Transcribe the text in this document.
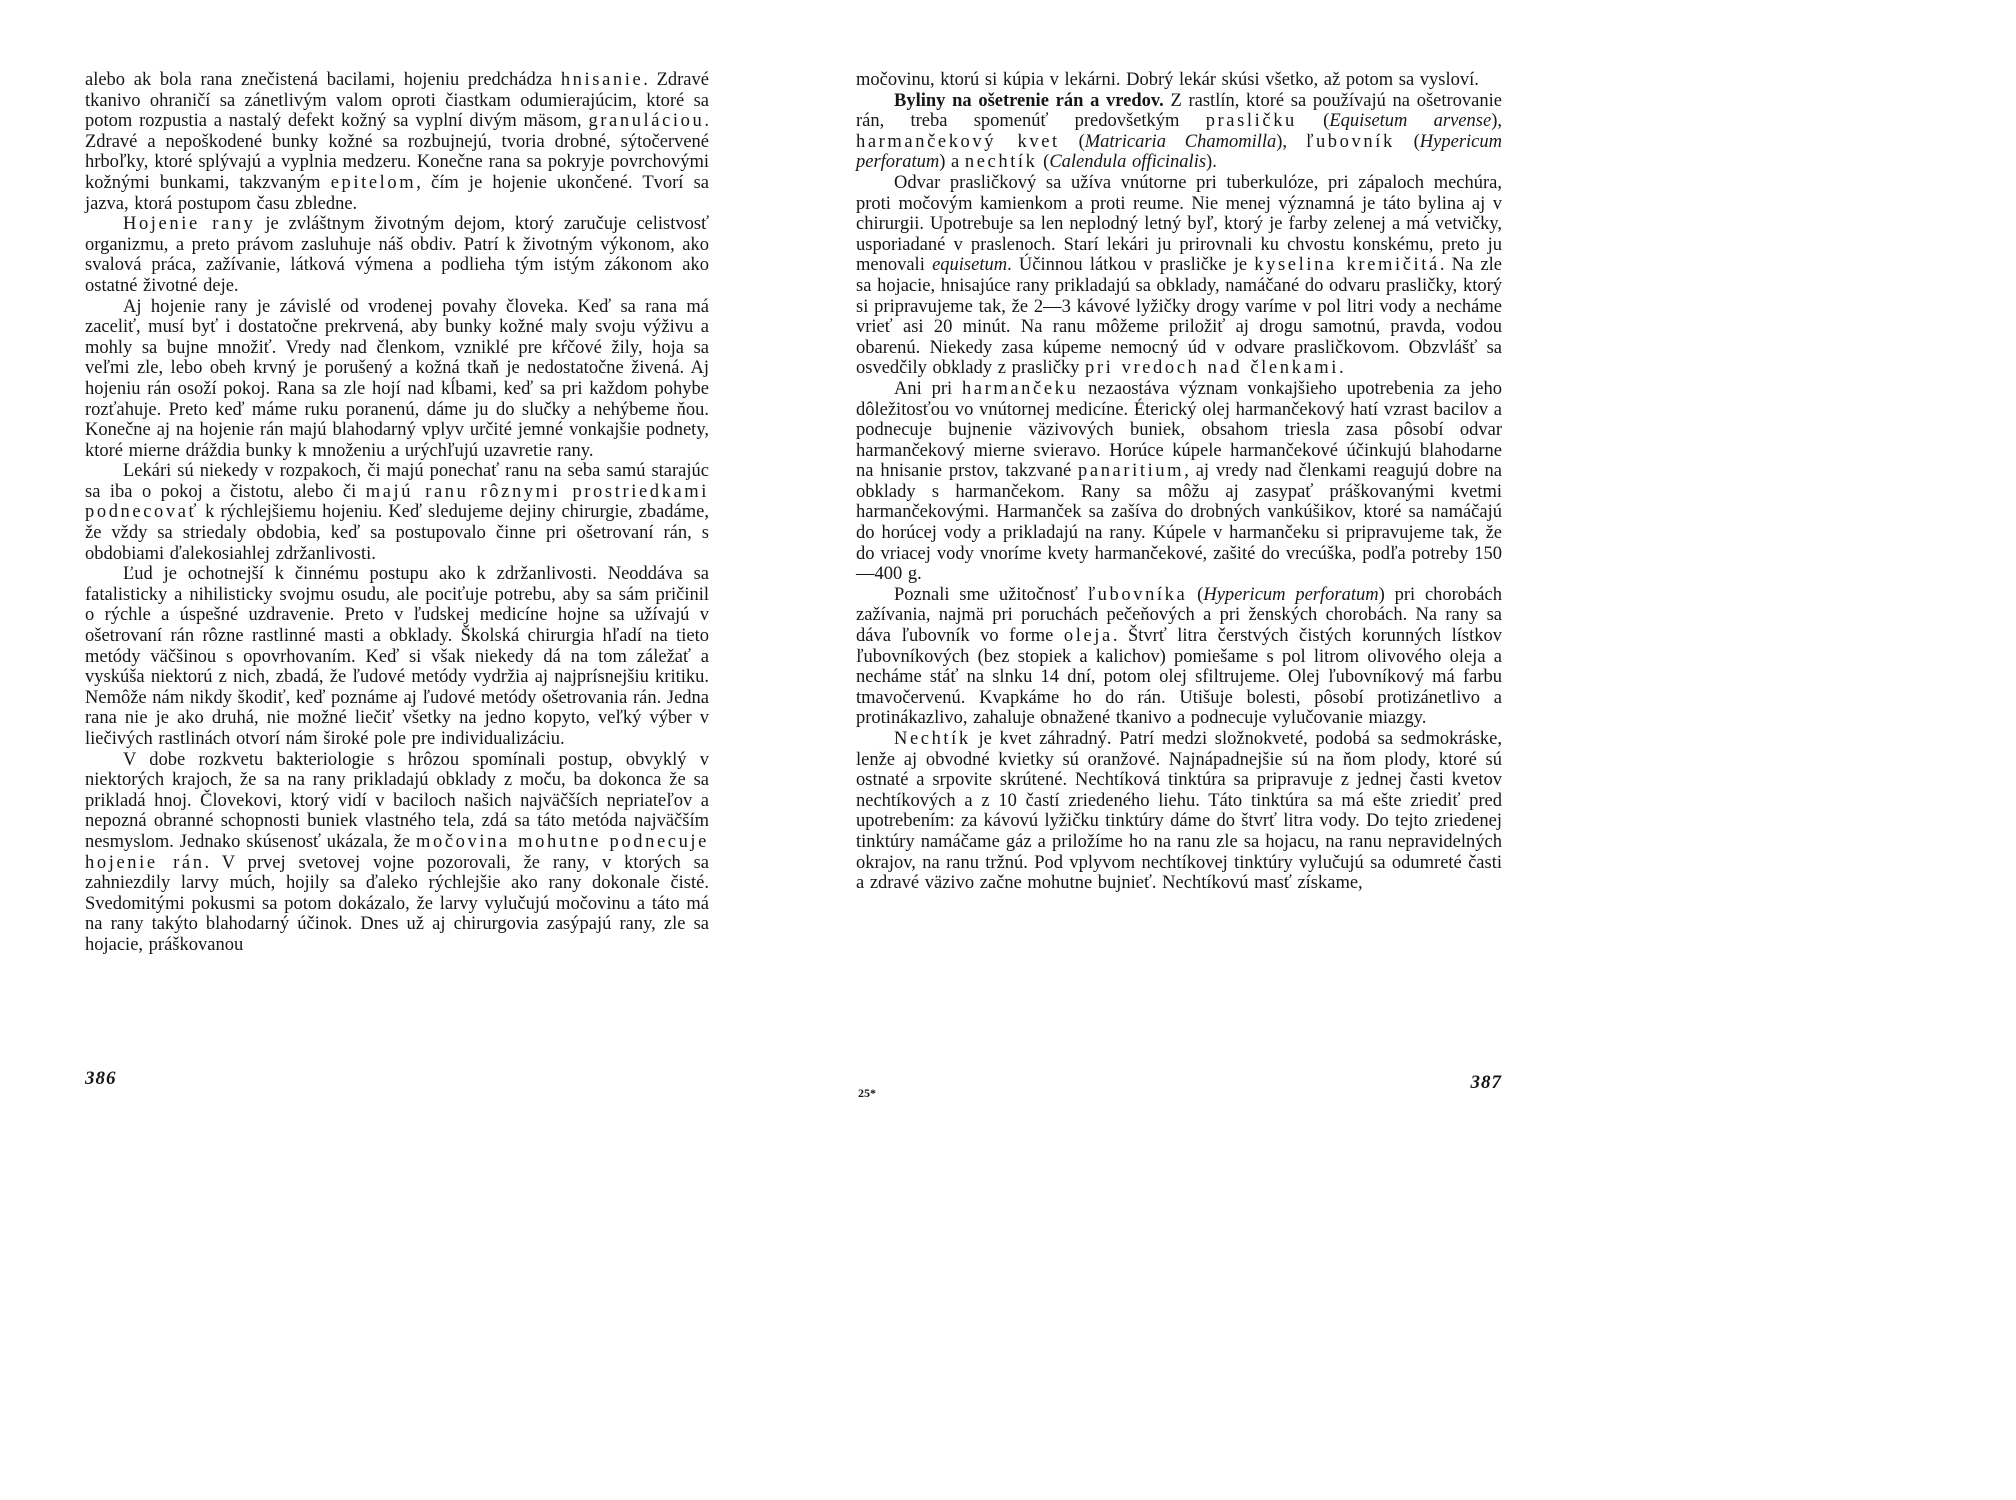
alebo ak bola rana znečistená bacilami, hojeniu predchádza hnisanie. Zdravé tkanivo ohraničí sa zánetlivým valom oproti čiastkam odumierajúcim, ktoré sa potom rozpustia a nastalý defekt kožný sa vyplní divým mäsom, granuláciou. Zdravé a nepoškodené bunky kožné sa rozbujnejú, tvoria drobné, sýtočervené hrboľky, ktoré splývajú a vyplnia medzeru. Konečne rana sa pokryje povrchovými kožnými bunkami, takzvaným epitelom, čím je hojenie ukončené. Tvorí sa jazva, ktorá postupom času zbledne.

Hojenie rany je zvláštnym životným dejom, ktorý zaručuje celistvosť organizmu, a preto právom zasluhuje náš obdiv. Patrí k životným výkonom, ako svalová práca, zažívanie, látková výmena a podlieha tým istým zákonom ako ostatné životné deje.

Aj hojenie rany je závislé od vrodenej povahy človeka. Keď sa rana má zaceliť, musí byť i dostatočne prekrvená, aby bunky kožné maly svoju výživu a mohly sa bujne množiť. Vredy nad členkom, vzniklé pre kŕčové žily, hoja sa veľmi zle, lebo obeh krvný je porušený a kožná tkaň je nedostatočne živená. Aj hojeniu rán osoží pokoj. Rana sa zle hojí nad kĺbami, keď sa pri každom pohybe rozťahuje. Preto keď máme ruku poranenú, dáme ju do slučky a nehýbeme ňou. Konečne aj na hojenie rán majú blahodarný vplyv určité jemné vonkajšie podnety, ktoré mierne dráždia bunky k množeniu a urýchľujú uzavretie rany.

Lekári sú niekedy v rozpakoch, či majú ponechať ranu na seba samú starajúc sa iba o pokoj a čistotu, alebo či majú ranu rôznymi prostriedkami podnecovať k rýchlejšiemu hojeniu. Keď sledujeme dejiny chirurgie, zbadáme, že vždy sa striedaly obdobia, keď sa postupovalo činne pri ošetrovaní rán, s obdobiami ďalekosiahlej zdržanlivosti.

Ľud je ochotnejší k činnému postupu ako k zdržanlivosti. Neoddáva sa fatalisticky a nihilisticky svojmu osudu, ale pociťuje potrebu, aby sa sám pričinil o rýchle a úspešné uzdravenie. Preto v ľudskej medicíne hojne sa užívajú v ošetrovaní rán rôzne rastlinné masti a obklady. Školská chirurgia hľadí na tieto metódy väčšinou s opovrhovaním. Keď si však niekedy dá na tom záležať a vyskúša niektorú z nich, zbadá, že ľudové metódy vydržia aj najprísnejšiu kritiku. Nemôže nám nikdy škodiť, keď poznáme aj ľudové metódy ošetrovania rán. Jedna rana nie je ako druhá, nie možné liečiť všetky na jedno kopyto, veľký výber v liečivých rastlinách otvorí nám široké pole pre individualizáciu.

V dobe rozkvetu bakteriologie s hrôzou spomínali postup, obvyklý v niektorých krajoch, že sa na rany prikladajú obklady z moču, ba dokonca že sa prikladá hnoj. Človekovi, ktorý vidí v baciloch našich najväčších nepriateľov a nepozná obranné schopnosti buniek vlastného tela, zdá sa táto metóda najväčším nesmyslom. Jednako skúsenosť ukázala, že močovina mohutne podnecuje hojenie rán. V prvej svetovej vojne pozorovali, že rany, v ktorých sa zahniezdily larvy múch, hojily sa ďaleko rýchlejšie ako rany dokonale čisté. Svedomitými pokusmi sa potom dokázalo, že larvy vylučujú močovinu a táto má na rany takýto blahodarný účinok. Dnes už aj chirurgovia zasýpajú rany, zle sa hojacie, práškovanou

močovinu, ktorú si kúpia v lekárni. Dobrý lekár skúsi všetko, až potom sa vysloví.

Byliny na ošetrenie rán a vredov. Z rastlín, ktoré sa používajú na ošetrovanie rán, treba spomenúť predovšetkým prasličku (Equisetum arvense), harmančekový kvet (Matricaria Chamomilla), ľubovník (Hypericum perforatum) a nechtík (Calendula officinalis).

Odvar prasličkový sa užíva vnútorne pri tuberkulóze, pri zápaloch mechúra, proti močovým kamienkom a proti reume. Nie menej významná je táto bylina aj v chirurgii. Upotrebuje sa len neplodný letný byľ, ktorý je farby zelenej a má vetvičky, usporiadané v praslenoch. Starí lekári ju prirovnali ku chvostu konskému, preto ju menovali equisetum. Účinnou látkou v prasličke je kyselina kremičitá. Na zle sa hojacie, hnisajúce rany prikladajú sa obklady, namáčané do odvaru prasličky, ktorý si pripravujeme tak, že 2—3 kávové lyžičky drogy varíme v pol litri vody a necháme vrieť asi 20 minút. Na ranu môžeme priložiť aj drogu samotnú, pravda, vodou obarenú. Niekedy zasa kúpeme nemocný úd v odvare prasličkovom. Obzvlášť sa osvedčily obklady z prasličky pri vredoch nad členkami.

Ani pri harmančeku nezaostáva význam vonkajšieho upotrebenia za jeho dôležitosťou vo vnútornej medicíne. Éterický olej harmančekový hatí vzrast bacilov a podnecuje bujnenie väzivových buniek, obsahom triesla zasa pôsobí odvar harmančekový mierne svieravo. Horúce kúpele harmančekové účinkujú blahodarne na hnisanie prstov, takzvané panaritium, aj vredy nad členkami reagujú dobre na obklady s harmančekom. Rany sa môžu aj zasypať práškovanými kvetmi harmančekovými. Harmanček sa zašíva do drobných vankúšikov, ktoré sa namáčajú do horúcej vody a prikladajú na rany. Kúpele v harmančeku si pripravujeme tak, že do vriacej vody vnoríme kvety harmančekové, zašité do vrecúška, podľa potreby 150—400 g.

Poznali sme užitočnosť ľubovníka (Hypericum perforatum) pri chorobách zažívania, najmä pri poruchách pečeňových a pri ženských chorobách. Na rany sa dáva ľubovník vo forme oleja. Štvrť litra čerstvých čistých korunných lístkov ľubovníkových (bez stopiek a kalichov) pomiešame s pol litrom olivového oleja a necháme stáť na slnku 14 dní, potom olej sfiltrujeme. Olej ľubovníkový má farbu tmavočervenú. Kvapkáme ho do rán. Utišuje bolesti, pôsobí protizánetlivo a protinákazlivo, zahaluje obnažené tkanivo a podnecuje vylučovanie miazgy.

Nechtík je kvet záhradný. Patrí medzi složnokveté, podobá sa sedmokráske, lenže aj obvodné kvietky sú oranžové. Najnápadnejšie sú na ňom plody, ktoré sú ostnaté a srpovite skrútené. Nechtíková tinktúra sa pripravuje z jednej časti kvetov nechtíkových a z 10 častí zriedeného liehu. Táto tinktúra sa má ešte zriediť pred upotrebením: za kávovú lyžičku tinktúry dáme do štvrť litra vody. Do tejto zriedenej tinktúry namáčame gáz a priložíme ho na ranu zle sa hojacu, na ranu nepravidelných okrajov, na ranu tržnú. Pod vplyvom nechtíkovej tinktúry vylučujú sa odumreté časti a zdravé väzivo začne mohutne bujnieť. Nechtíkovú masť získame,

386
25*	387
